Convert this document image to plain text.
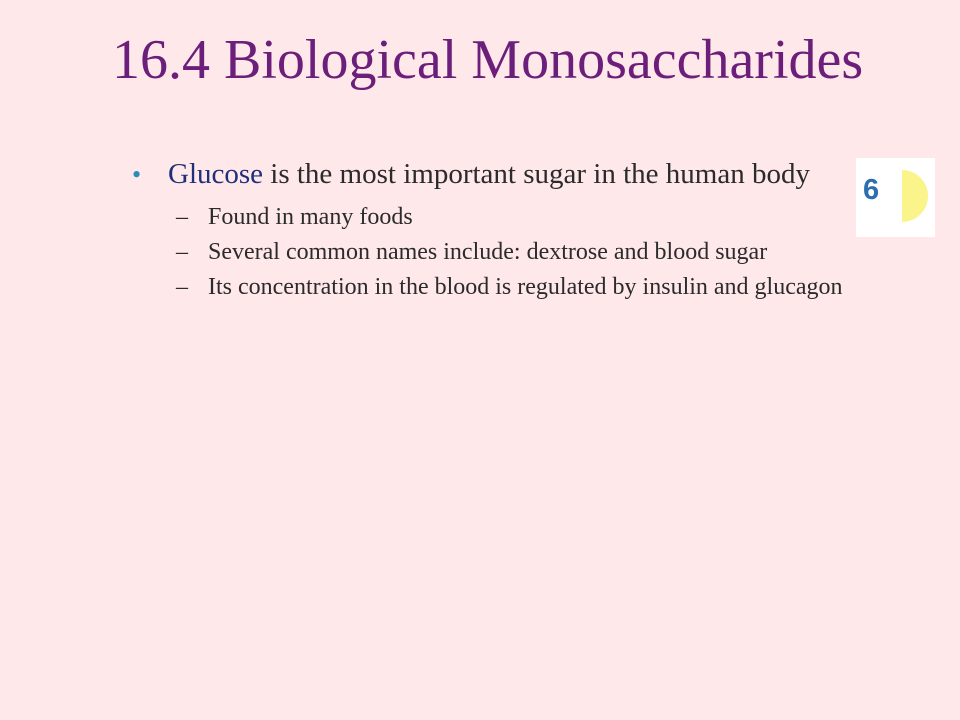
16.4 Biological Monosaccharides
• Glucose is the most important sugar in the human body
– Found in many foods
– Several common names include: dextrose and blood sugar
– Its concentration in the blood is regulated by insulin and glucagon
6
